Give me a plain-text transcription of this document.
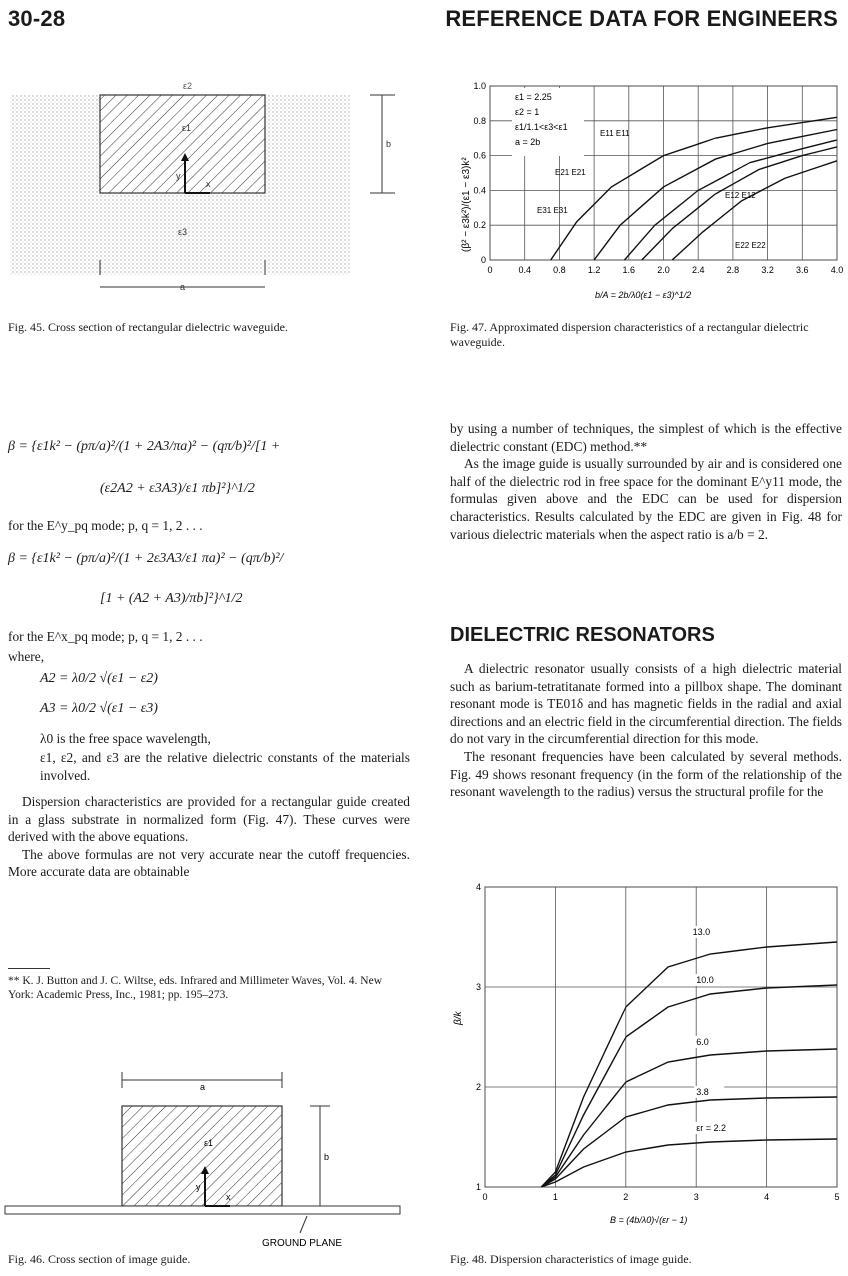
30-28	REFERENCE DATA FOR ENGINEERS
ε2
ε1
y
x
ε3
b
a
Fig. 45. Cross section of rectangular dielectric waveguide.
0	0.4 0.8 1.2 1.6 2.0 2.4 2.8 3.2 3.6 4.0
0
0.2
0.4
0.6
0.8
1.0
(β² − ε3k²)/(ε1 − ε3)k²
b/A = 2b/λ0(ε1 − ε3)^1/2
ε1 = 2.25
ε2 = 1
ε1/1.1<ε3<ε1
a = 2b
E11 E11
E21 E21
E31 E31
E12 E12
E22 E22
Fig. 47. Approximated dispersion characteristics of a rectangular dielectric waveguide.
β = {ε1k² − (pπ/a)²/(1 + 2A3/πa)² − (qπ/b)²/[1 +
(ε2A2 + ε3A3)/ε1 πb]²}^1/2
for the E^y_pq mode; p, q = 1, 2 . . .
β = {ε1k² − (pπ/a)²/(1 + 2ε3A3/ε1 πa)² − (qπ/b)²/
[1 + (A2 + A3)/πb]²}^1/2
for the E^x_pq mode; p, q = 1, 2 . . .
where,
A2 = λ0/2 √(ε1 − ε2)
A3 = λ0/2 √(ε1 − ε3)
λ0 is the free space wavelength,
ε1, ε2, and ε3 are the relative dielectric constants of the materials involved.

Dispersion characteristics are provided for a rectangular guide created in a glass substrate in normalized form (Fig. 47). These curves were derived with the above equations.

The above formulas are not very accurate near the cutoff frequencies. More accurate data are obtainable

** K. J. Button and J. C. Wiltse, eds. Infrared and Millimeter Waves, Vol. 4. New York: Academic Press, Inc., 1981; pp. 195–273.
a
ε1
y
x
b
GROUND PLANE
Fig. 46. Cross section of image guide.

by using a number of techniques, the simplest of which is the effective dielectric constant (EDC) method.**

As the image guide is usually surrounded by air and is considered one half of the dielectric rod in free space for the dominant E^y11 mode, the formulas given above and the EDC can be used for dispersion characteristics. Results calculated by the EDC are given in Fig. 48 for various dielectric materials when the aspect ratio is a/b = 2.

DIELECTRIC RESONATORS

A dielectric resonator usually consists of a high dielectric material such as barium-tetratitanate formed into a pillbox shape. The dominant resonant mode is TE01δ and has magnetic fields in the radial and axial directions and an electric field in the circumferential direction. The fields do not vary in the circumferential direction for this mode.

The resonant frequencies have been calculated by several methods. Fig. 49 shows resonant frequency (in the form of the relationship of the resonant wavelength to the radius) versus the structural profile for the

0	1	2	3	4	5
1
2
3
4
13.0
10.0
6.0
3.8
εr = 2.2
β/k
B = (4b/λ0)√(εr − 1)
Fig. 48. Dispersion characteristics of image guide.
